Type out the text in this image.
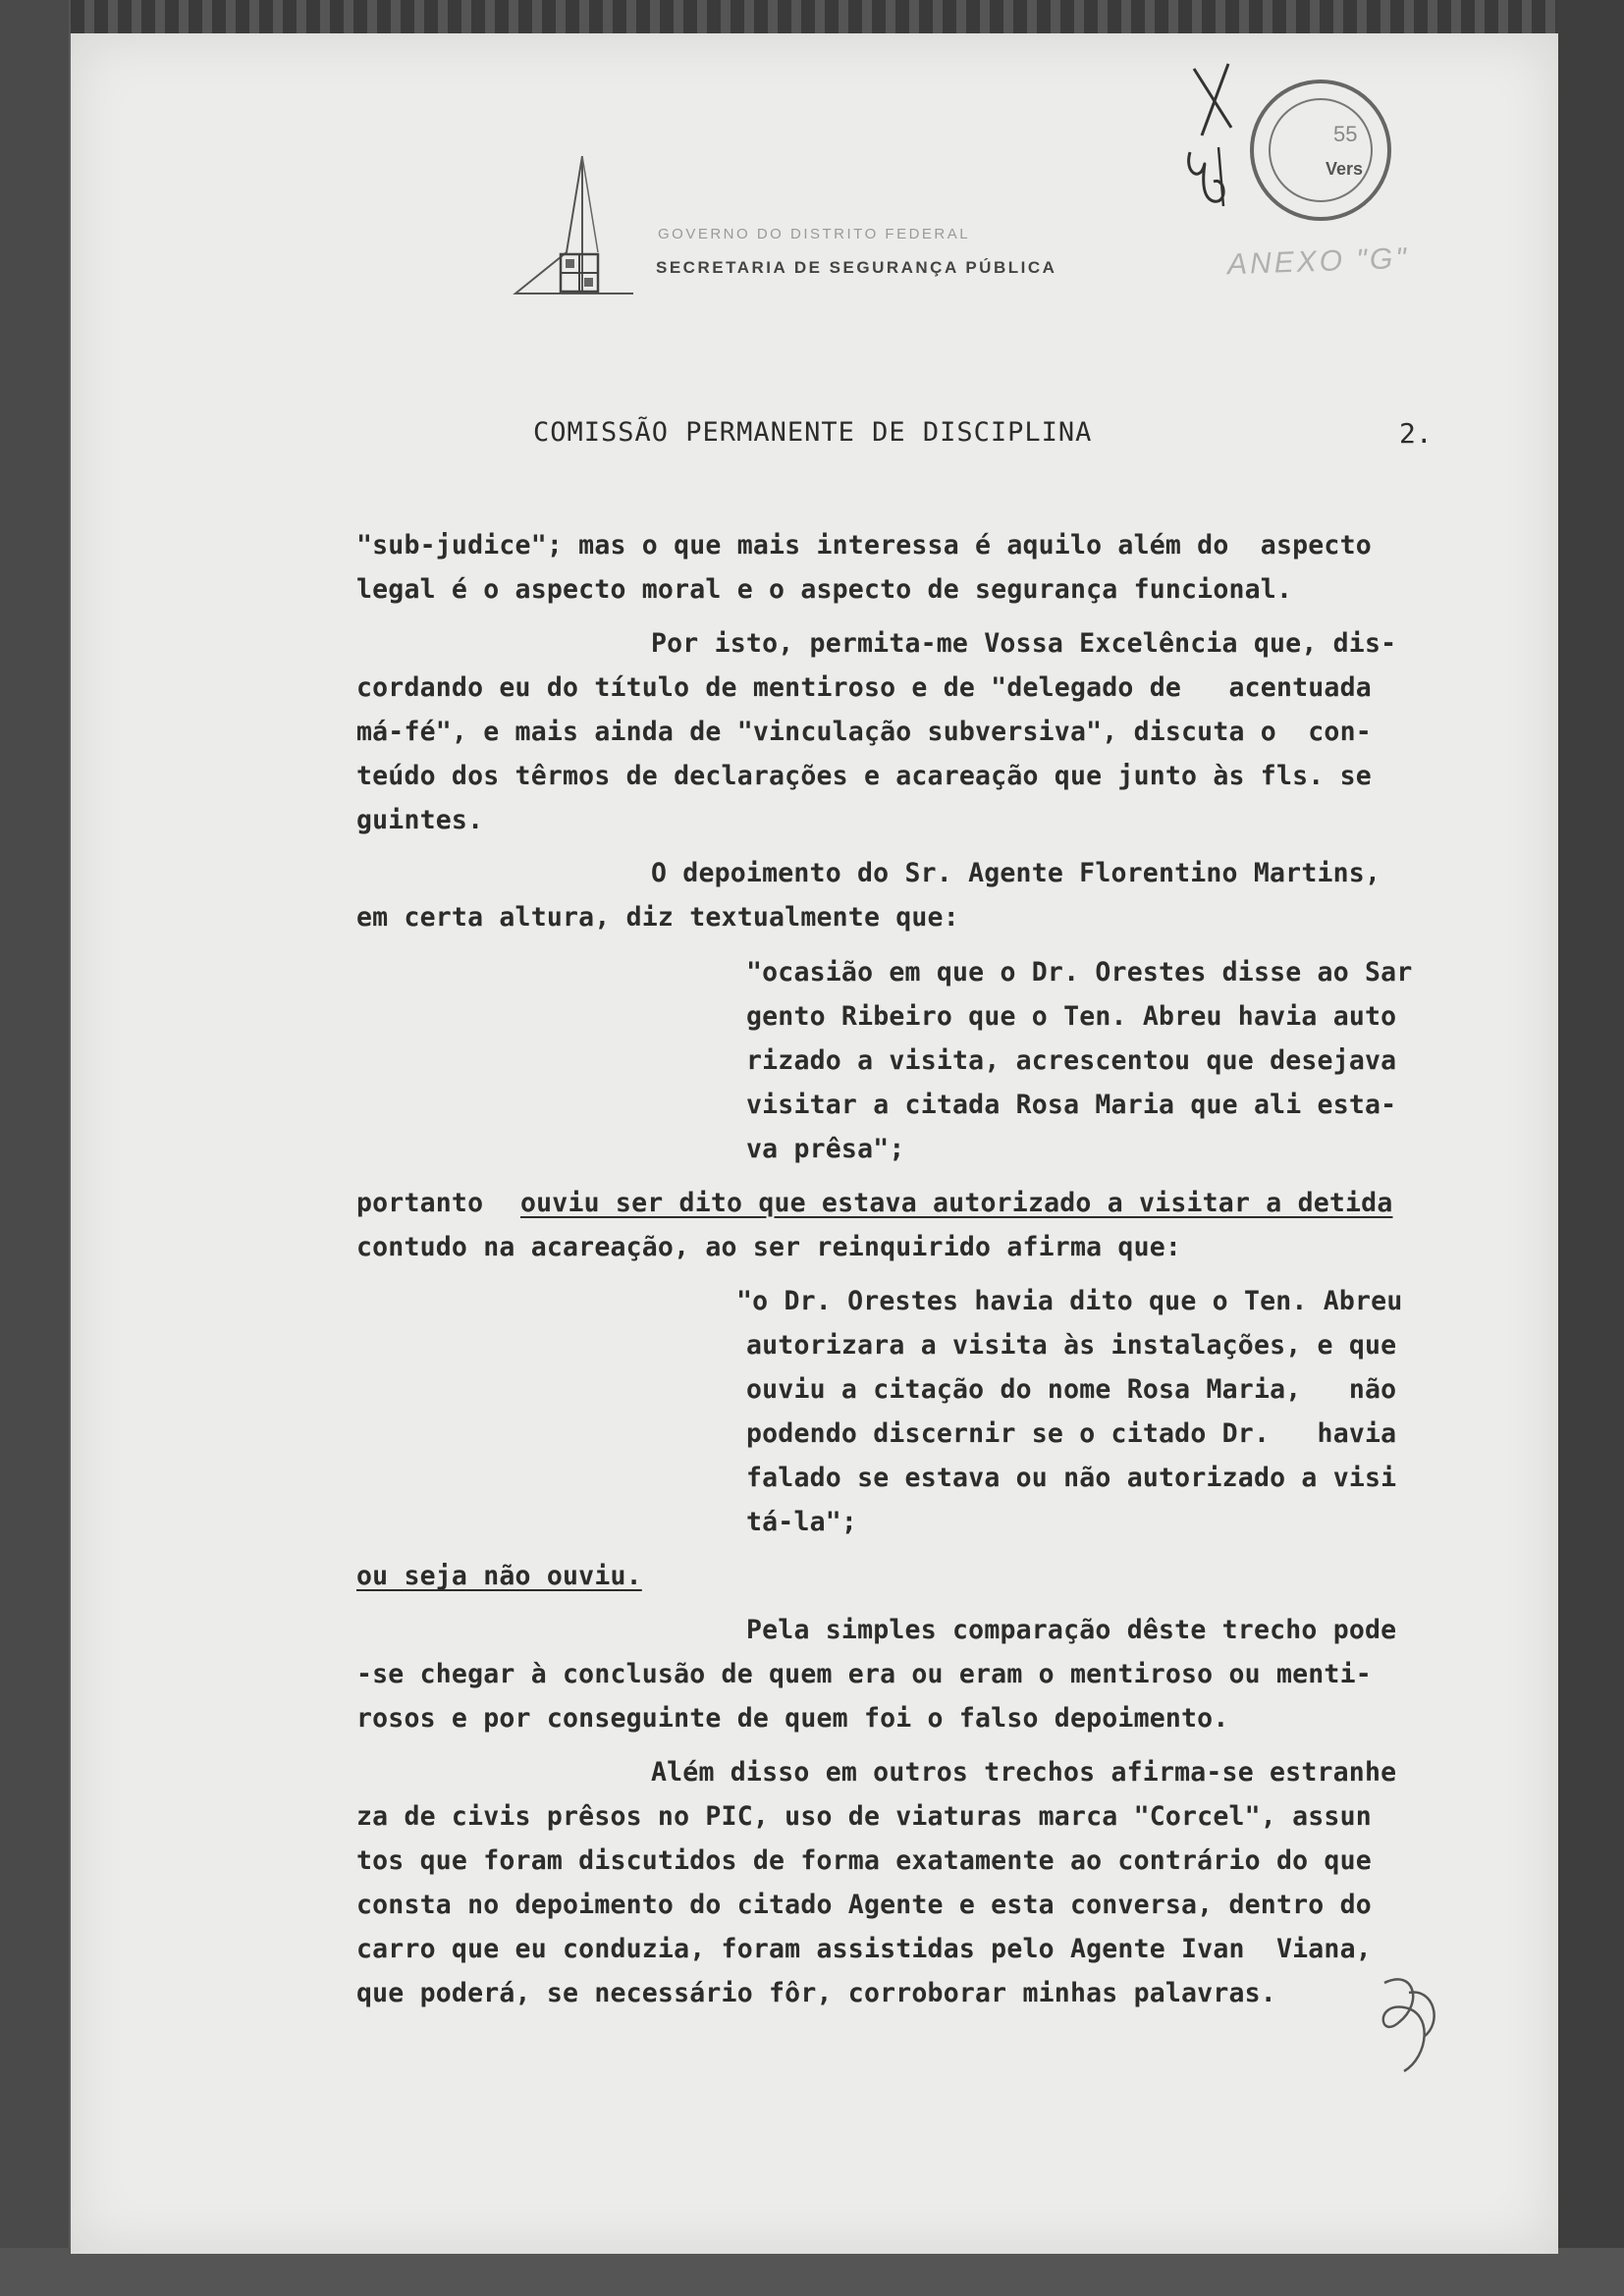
GOVERNO DO DISTRITO FEDERAL
SECRETARIA DE SEGURANÇA PÚBLICA
55
Vers
ANEXO "G"
COMISSÃO PERMANENTE DE DISCIPLINA	2.
"sub-judice"; mas o que mais interessa é aquilo além do  aspecto
legal é o aspecto moral e o aspecto de segurança funcional.
Por isto, permita-me Vossa Excelência que, dis-
cordando eu do título de mentiroso e de "delegado de   acentuada
má-fé", e mais ainda de "vinculação subversiva", discuta o  con-
teúdo dos têrmos de declarações e acareação que junto às fls. se
guintes.
O depoimento do Sr. Agente Florentino Martins,
em certa altura, diz textualmente que:
"ocasião em que o Dr. Orestes disse ao Sar
gento Ribeiro que o Ten. Abreu havia auto
rizado a visita, acrescentou que desejava
visitar a citada Rosa Maria que ali esta-
va prêsa";
portanto ouviu ser dito que estava autorizado a visitar a detida
contudo na acareação, ao ser reinquirido afirma que:
"o Dr. Orestes havia dito que o Ten. Abreu
autorizara a visita às instalações, e que
ouviu a citação do nome Rosa Maria,   não
podendo discernir se o citado Dr.   havia
falado se estava ou não autorizado a visi
tá-la";
ou seja não ouviu.
Pela simples comparação dêste trecho pode
-se chegar à conclusão de quem era ou eram o mentiroso ou menti-
rosos e por conseguinte de quem foi o falso depoimento.
Além disso em outros trechos afirma-se estranhe
za de civis prêsos no PIC, uso de viaturas marca "Corcel", assun
tos que foram discutidos de forma exatamente ao contrário do que
consta no depoimento do citado Agente e esta conversa, dentro do
carro que eu conduzia, foram assistidas pelo Agente Ivan  Viana,
que poderá, se necessário fôr, corroborar minhas palavras.
